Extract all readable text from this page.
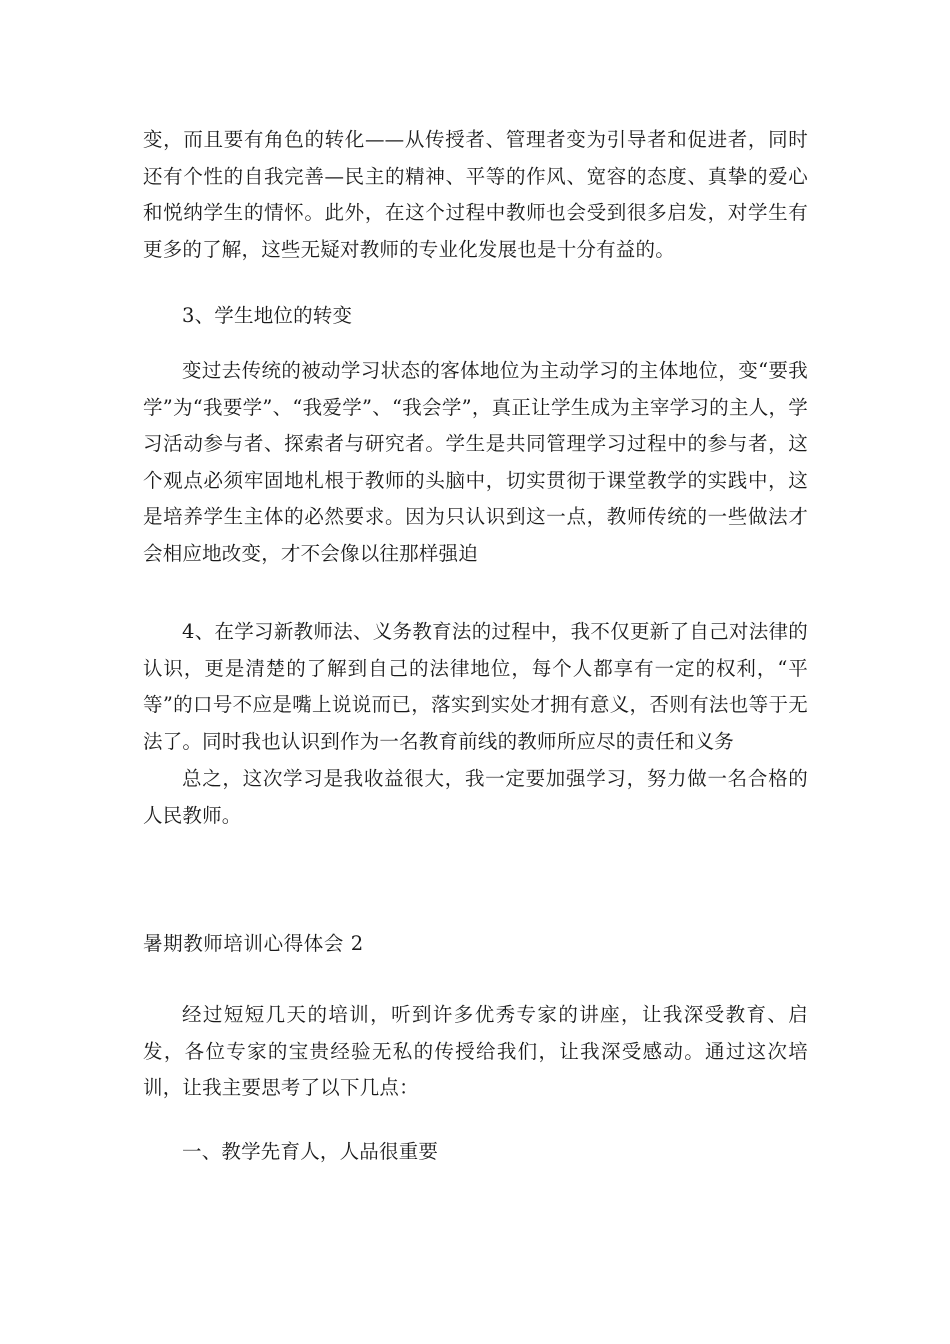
变，而且要有角色的转化——从传授者、管理者变为引导者和促进者，同时还有个性的自我完善—民主的精神、平等的作风、宽容的态度、真挚的爱心和悦纳学生的情怀。此外，在这个过程中教师也会受到很多启发，对学生有更多的了解，这些无疑对教师的专业化发展也是十分有益的。

3、学生地位的转变

变过去传统的被动学习状态的客体地位为主动学习的主体地位，变“要我学”为“我要学”、“我爱学”、“我会学”，真正让学生成为主宰学习的主人，学习活动参与者、探索者与研究者。学生是共同管理学习过程中的参与者，这个观点必须牢固地札根于教师的头脑中，切实贯彻于课堂教学的实践中，这是培养学生主体的必然要求。因为只认识到这一点，教师传统的一些做法才会相应地改变，才不会像以往那样强迫

4、在学习新教师法、义务教育法的过程中，我不仅更新了自己对法律的认识，更是清楚的了解到自己的法律地位，每个人都享有一定的权利，“平等”的口号不应是嘴上说说而已，落实到实处才拥有意义，否则有法也等于无法了。同时我也认识到作为一名教育前线的教师所应尽的责任和义务

总之，这次学习是我收益很大，我一定要加强学习，努力做一名合格的人民教师。

暑期教师培训心得体会 2

经过短短几天的培训，听到许多优秀专家的讲座，让我深受教育、启发，各位专家的宝贵经验无私的传授给我们，让我深受感动。通过这次培训，让我主要思考了以下几点：

一、教学先育人，人品很重要
